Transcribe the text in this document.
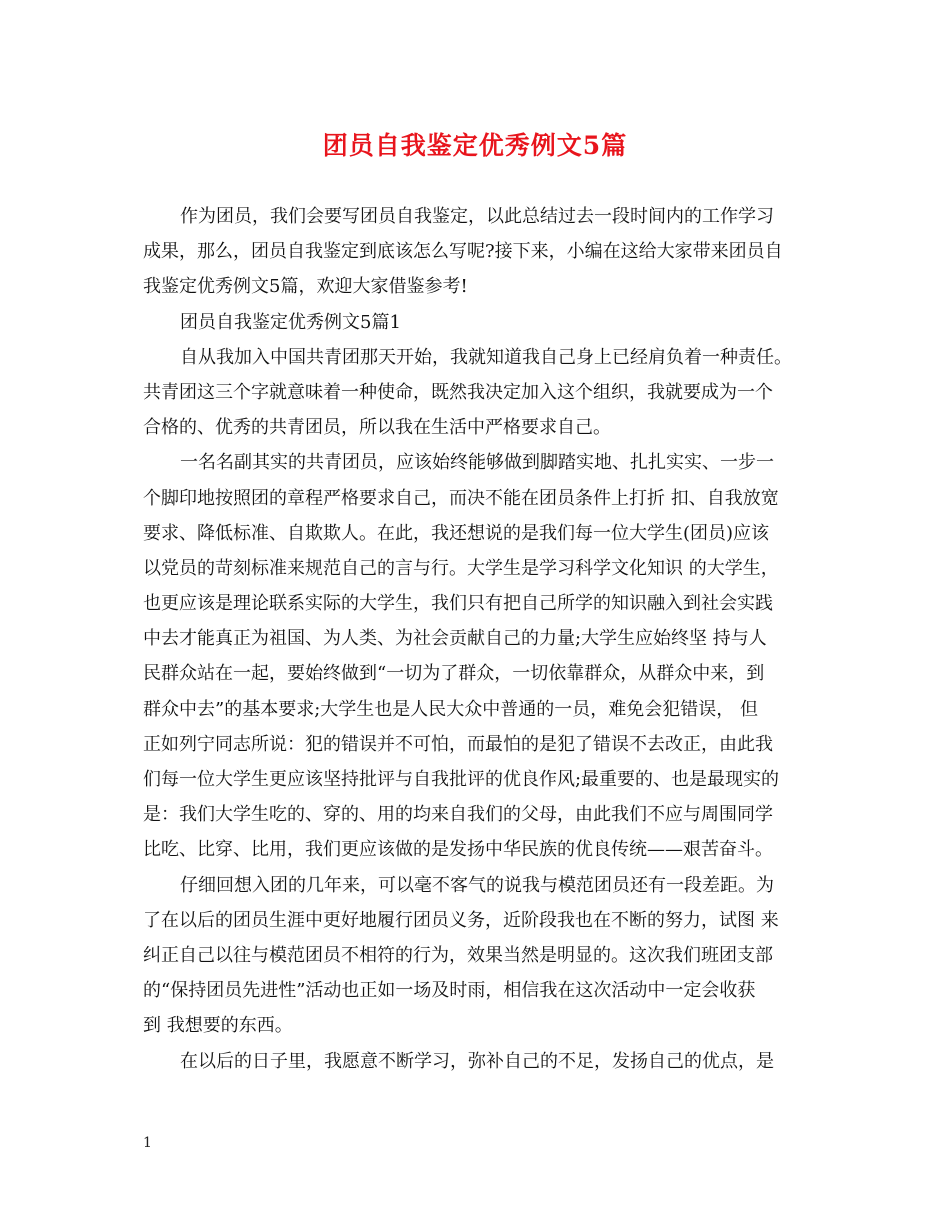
团员自我鉴定优秀例文5篇
作为团员，我们会要写团员自我鉴定，以此总结过去一段时间内的工作学习
成果，那么，团员自我鉴定到底该怎么写呢?接下来，小编在这给大家带来团员自
我鉴定优秀例文5篇，欢迎大家借鉴参考!
团员自我鉴定优秀例文5篇1
自从我加入中国共青团那天开始，我就知道我自己身上已经肩负着一种责任。
共青团这三个字就意味着一种使命，既然我决定加入这个组织，我就要成为一个
合格的、优秀的共青团员，所以我在生活中严格要求自己。
一名名副其实的共青团员，应该始终能够做到脚踏实地、扎扎实实、一步一
个脚印地按照团的章程严格要求自己，而决不能在团员条件上打折 扣、自我放宽
要求、降低标准、自欺欺人。在此，我还想说的是我们每一位大学生(团员)应该
以党员的苛刻标准来规范自己的言与行。大学生是学习科学文化知识 的大学生，
也更应该是理论联系实际的大学生，我们只有把自己所学的知识融入到社会实践
中去才能真正为祖国、为人类、为社会贡献自己的力量;大学生应始终坚 持与人
民群众站在一起，要始终做到“一切为了群众，一切依靠群众，从群众中来，到
群众中去”的基本要求;大学生也是人民大众中普通的一员，难免会犯错误， 但
正如列宁同志所说：犯的错误并不可怕，而最怕的是犯了错误不去改正，由此我
们每一位大学生更应该坚持批评与自我批评的优良作风;最重要的、也是最现实的
是：我们大学生吃的、穿的、用的均来自我们的父母，由此我们不应与周围同学
比吃、比穿、比用，我们更应该做的是发扬中华民族的优良传统——艰苦奋斗。
仔细回想入团的几年来，可以毫不客气的说我与模范团员还有一段差距。为
了在以后的团员生涯中更好地履行团员义务，近阶段我也在不断的努力，试图 来
纠正自己以往与模范团员不相符的行为，效果当然是明显的。这次我们班团支部
的“保持团员先进性”活动也正如一场及时雨，相信我在这次活动中一定会收获
到 我想要的东西。
在以后的日子里，我愿意不断学习，弥补自己的不足，发扬自己的优点，是
1
